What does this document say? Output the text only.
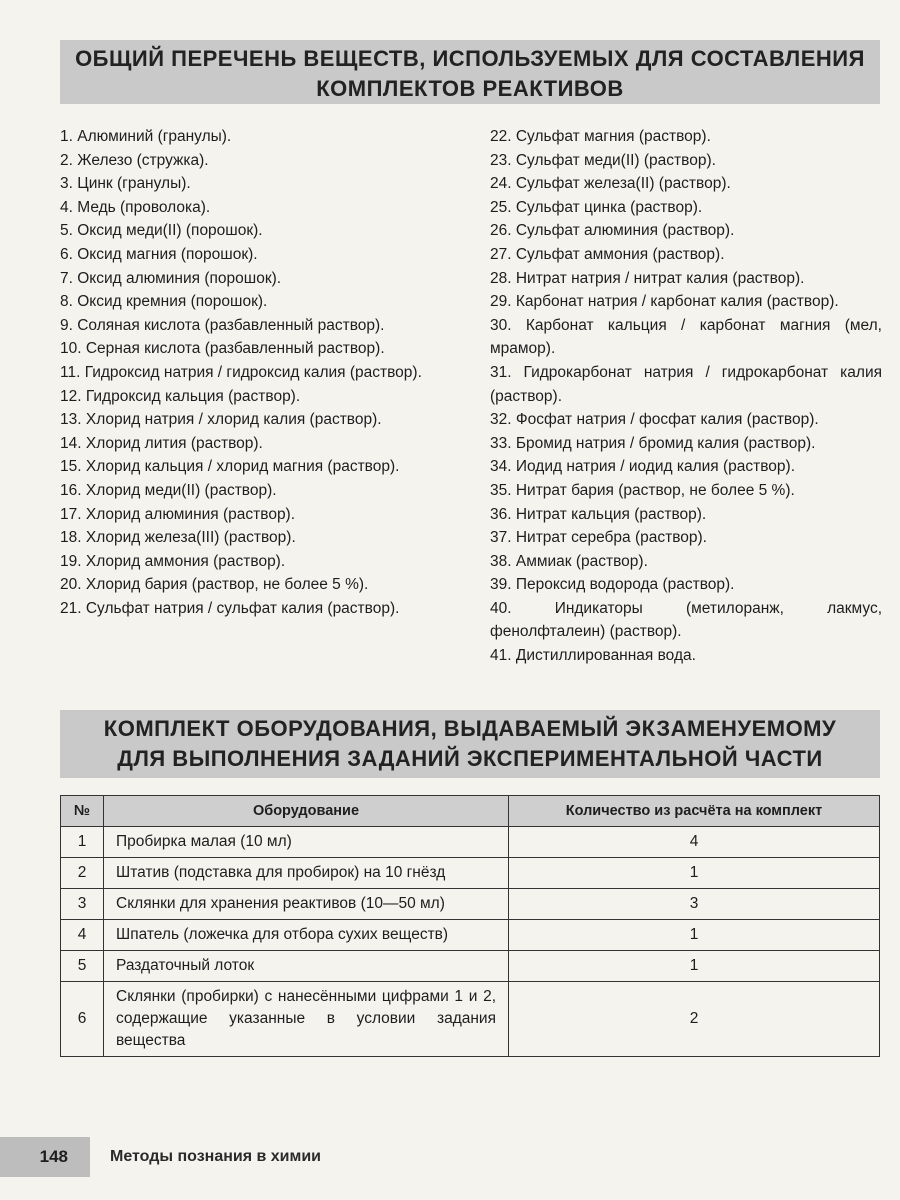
ОБЩИЙ ПЕРЕЧЕНЬ ВЕЩЕСТВ, ИСПОЛЬЗУЕМЫХ ДЛЯ СОСТАВЛЕНИЯ
КОМПЛЕКТОВ РЕАКТИВОВ
1. Алюминий (гранулы).
2. Железо (стружка).
3. Цинк (гранулы).
4. Медь (проволока).
5. Оксид меди(II) (порошок).
6. Оксид магния (порошок).
7. Оксид алюминия (порошок).
8. Оксид кремния (порошок).
9. Соляная кислота (разбавленный раствор).
10. Серная кислота (разбавленный раствор).
11. Гидроксид натрия / гидроксид калия (раствор).
12. Гидроксид кальция (раствор).
13. Хлорид натрия / хлорид калия (раствор).
14. Хлорид лития (раствор).
15. Хлорид кальция / хлорид магния (раствор).
16. Хлорид меди(II) (раствор).
17. Хлорид алюминия (раствор).
18. Хлорид железа(III) (раствор).
19. Хлорид аммония (раствор).
20. Хлорид бария (раствор, не более 5 %).
21. Сульфат натрия / сульфат калия (раствор).
22. Сульфат магния (раствор).
23. Сульфат меди(II) (раствор).
24. Сульфат железа(II) (раствор).
25. Сульфат цинка (раствор).
26. Сульфат алюминия (раствор).
27. Сульфат аммония (раствор).
28. Нитрат натрия / нитрат калия (раствор).
29. Карбонат натрия / карбонат калия (раствор).
30. Карбонат кальция / карбонат магния (мел, мрамор).
31. Гидрокарбонат натрия / гидрокарбонат калия (раствор).
32. Фосфат натрия / фосфат калия (раствор).
33. Бромид натрия / бромид калия (раствор).
34. Иодид натрия / иодид калия (раствор).
35. Нитрат бария (раствор, не более 5 %).
36. Нитрат кальция (раствор).
37. Нитрат серебра (раствор).
38. Аммиак (раствор).
39. Пероксид водорода (раствор).
40. Индикаторы (метилоранж, лакмус, фенолфталеин) (раствор).
41. Дистиллированная вода.
КОМПЛЕКТ ОБОРУДОВАНИЯ, ВЫДАВАЕМЫЙ ЭКЗАМЕНУЕМОМУ
ДЛЯ ВЫПОЛНЕНИЯ ЗАДАНИЙ ЭКСПЕРИМЕНТАЛЬНОЙ ЧАСТИ
№	Оборудование	Количество из расчёта на комплект
1	Пробирка малая (10 мл)	4
2	Штатив (подставка для пробирок) на 10 гнёзд	1
3	Склянки для хранения реактивов (10—50 мл)	3
4	Шпатель (ложечка для отбора сухих веществ)	1
5	Раздаточный лоток	1
6	Склянки (пробирки) с нанесёнными цифрами 1 и 2, содержащие указанные в условии задания вещества	2
148	Методы познания в химии
